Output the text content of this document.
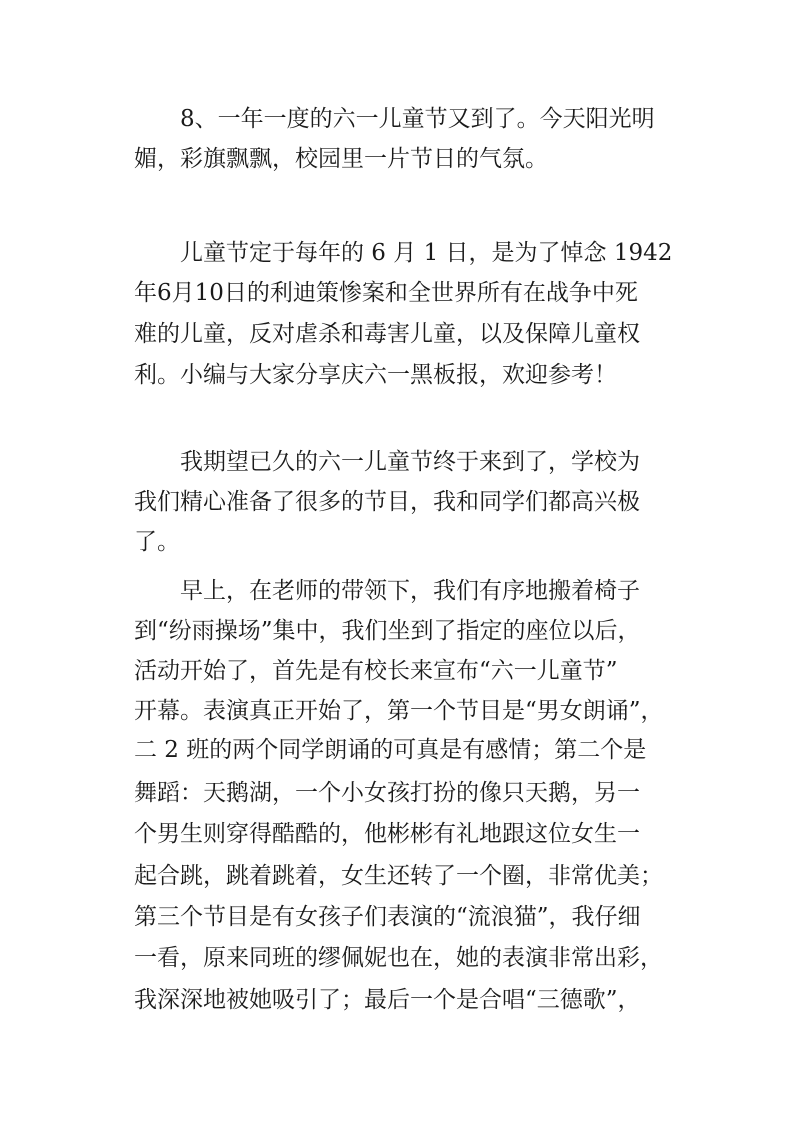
　　8、一年一度的六一儿童节又到了。今天阳光明
媚，彩旗飘飘，校园里一片节日的气氛。
　　儿童节定于每年的 6 月 1 日，是为了悼念 1942
年6月10日的利迪策惨案和全世界所有在战争中死
难的儿童，反对虐杀和毒害儿童，以及保障儿童权
利。小编与大家分享庆六一黑板报，欢迎参考！
　　我期望已久的六一儿童节终于来到了，学校为
我们精心准备了很多的节目，我和同学们都高兴极
了。
　　早上，在老师的带领下，我们有序地搬着椅子
到“纷雨操场”集中，我们坐到了指定的座位以后，
活动开始了，首先是有校长来宣布“六一儿童节”
开幕。表演真正开始了，第一个节目是“男女朗诵”，
二 2 班的两个同学朗诵的可真是有感情；第二个是
舞蹈：天鹅湖，一个小女孩打扮的像只天鹅，另一
个男生则穿得酷酷的，他彬彬有礼地跟这位女生一
起合跳，跳着跳着，女生还转了一个圈，非常优美；
第三个节目是有女孩子们表演的“流浪猫”，我仔细
一看，原来同班的缪佩妮也在，她的表演非常出彩，
我深深地被她吸引了；最后一个是合唱“三德歌”，
